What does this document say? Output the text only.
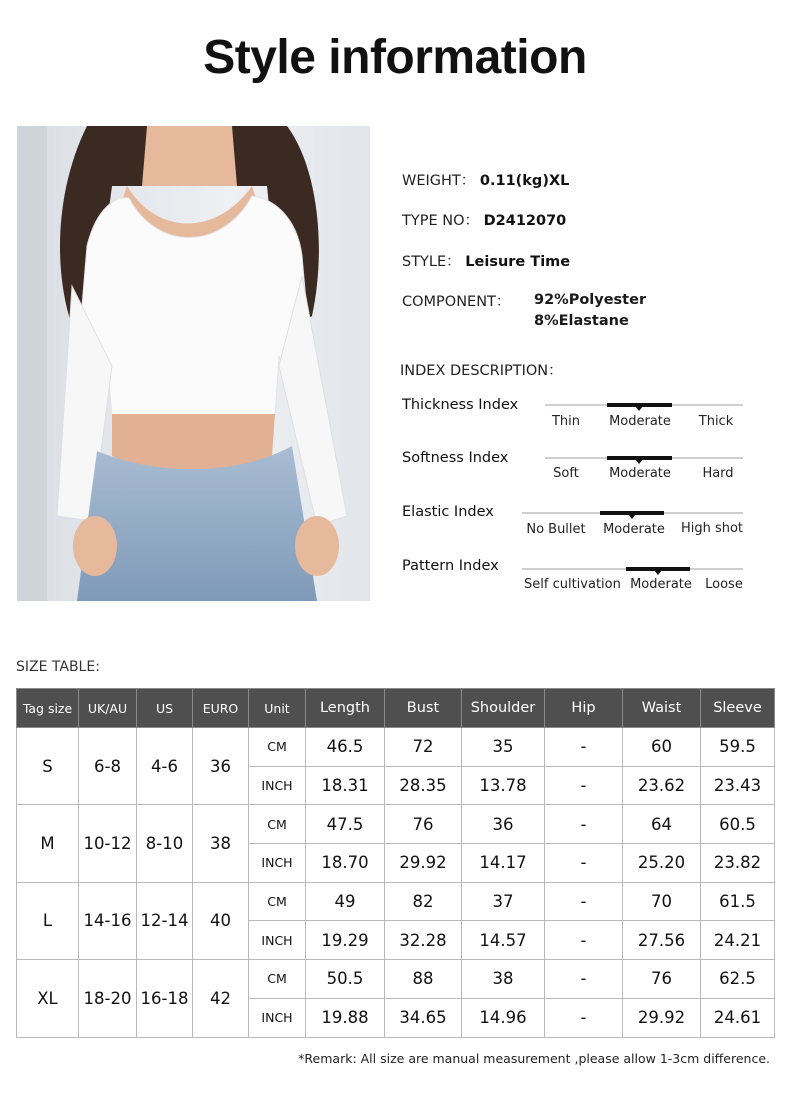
Style information
WEIGHT： 0.11(kg)XL
TYPE NO： D2412070
STYLE： Leisure Time
COMPONENT： 92%Polyester
8%Elastane
INDEX DESCRIPTION：
Thickness Index
Thin	Moderate	Thick
Softness Index
Soft	Moderate	Hard
Elastic Index
No Bullet	Moderate	High shot
Pattern Index
Self cultivation Moderate	Loose
SIZE TABLE:
Tag size	UK/AU	US	EURO	Unit	Length	Bust	Shoulder	Hip	Waist	Sleeve
S	6-8	4-6	36	CM	46.5	72	35	-	60	59.5
				INCH	18.31	28.35	13.78	-	23.62	23.43
M	10-12	8-10	38	CM	47.5	76	36	-	64	60.5
				INCH	18.70	29.92	14.17	-	25.20	23.82
L	14-16	12-14	40	CM	49	82	37	-	70	61.5
				INCH	19.29	32.28	14.57	-	27.56	24.21
XL	18-20	16-18	42	CM	50.5	88	38	-	76	62.5
				INCH	19.88	34.65	14.96	-	29.92	24.61
*Remark: All size are manual measurement ,please allow 1-3cm difference.
